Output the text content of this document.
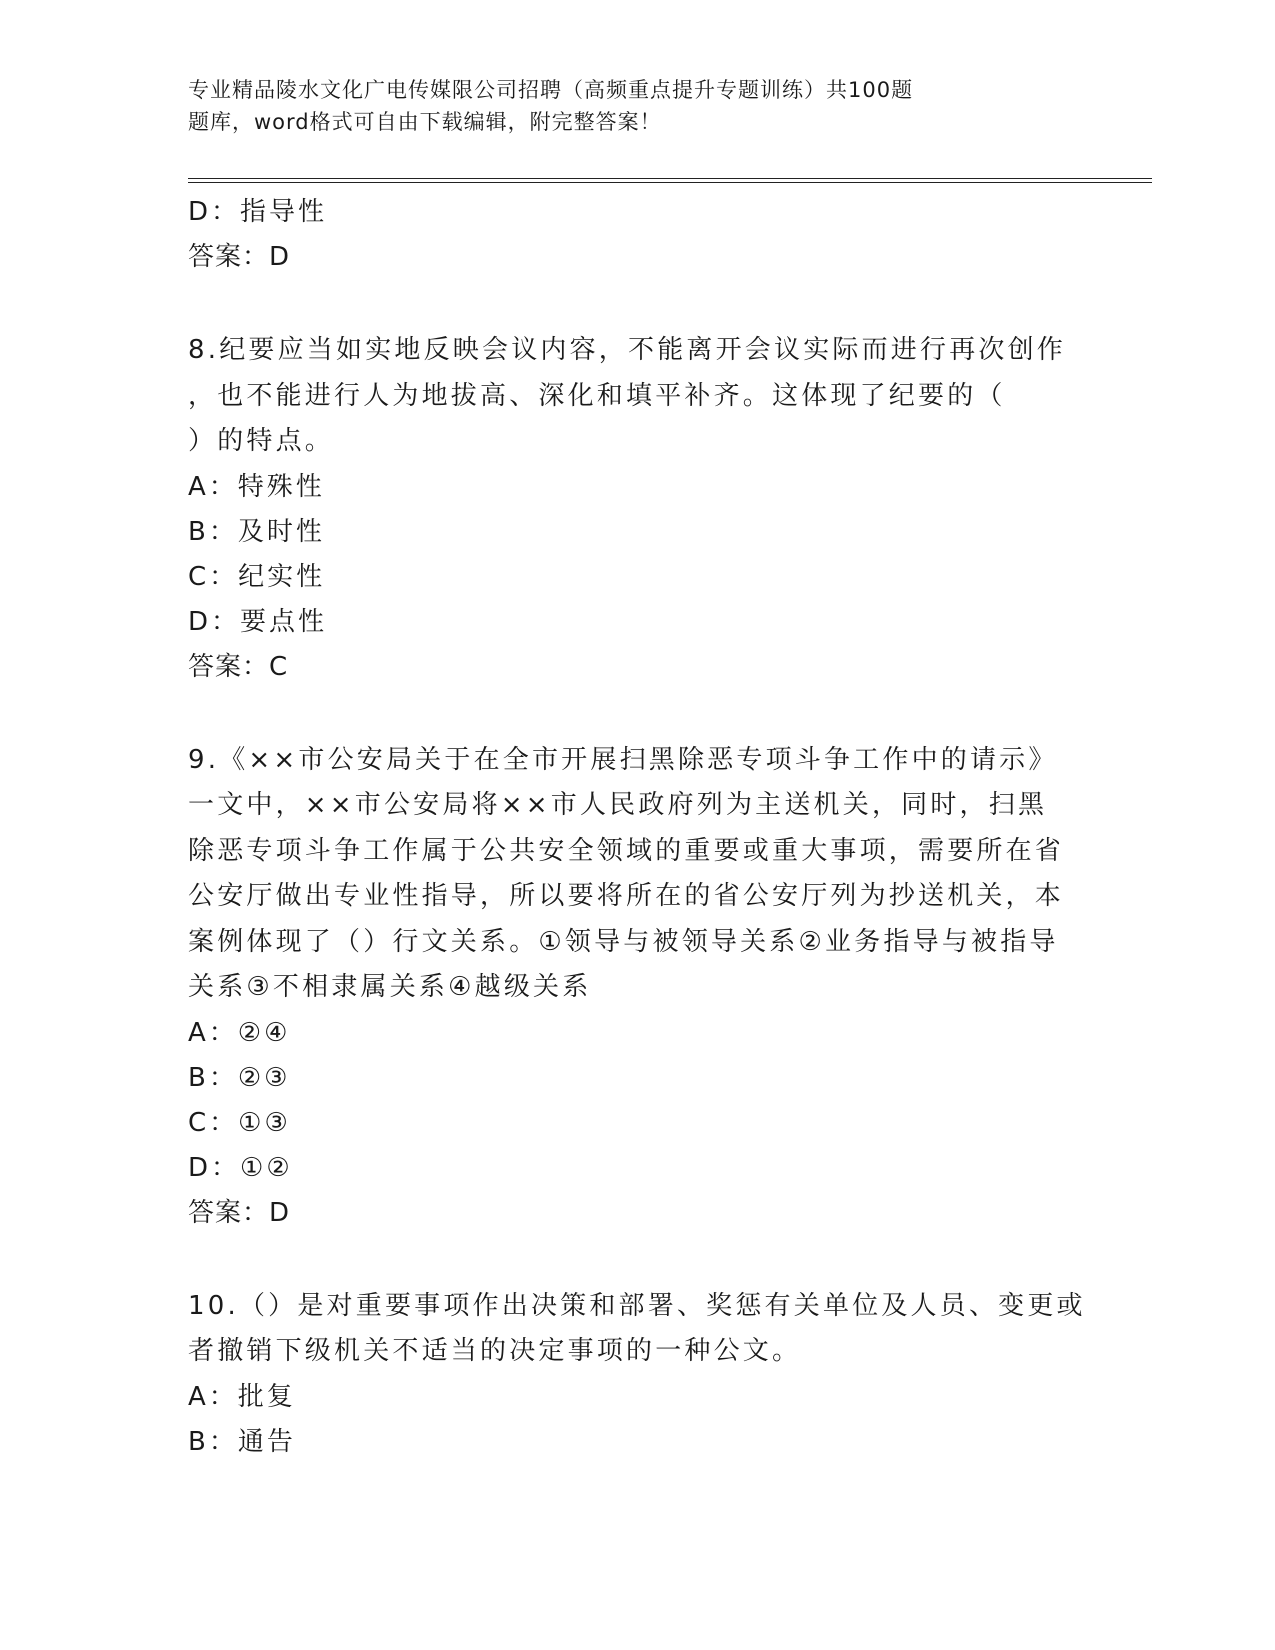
专业精品陵水文化广电传媒限公司招聘（高频重点提升专题训练）共100题
题库，word格式可自由下载编辑，附完整答案！
D：指导性
答案：D
8.纪要应当如实地反映会议内容，不能离开会议实际而进行再次创作
，也不能进行人为地拔高、深化和填平补齐。这体现了纪要的（
）的特点。
A：特殊性
B：及时性
C：纪实性
D：要点性
答案：C
9.《××市公安局关于在全市开展扫黑除恶专项斗争工作中的请示》
一文中，××市公安局将××市人民政府列为主送机关，同时，扫黑
除恶专项斗争工作属于公共安全领域的重要或重大事项，需要所在省
公安厅做出专业性指导，所以要将所在的省公安厅列为抄送机关，本
案例体现了（）行文关系。①领导与被领导关系②业务指导与被指导
关系③不相隶属关系④越级关系
A：②④
B：②③
C：①③
D：①②
答案：D
10.（）是对重要事项作出决策和部署、奖惩有关单位及人员、变更或
者撤销下级机关不适当的决定事项的一种公文。
A：批复
B：通告
